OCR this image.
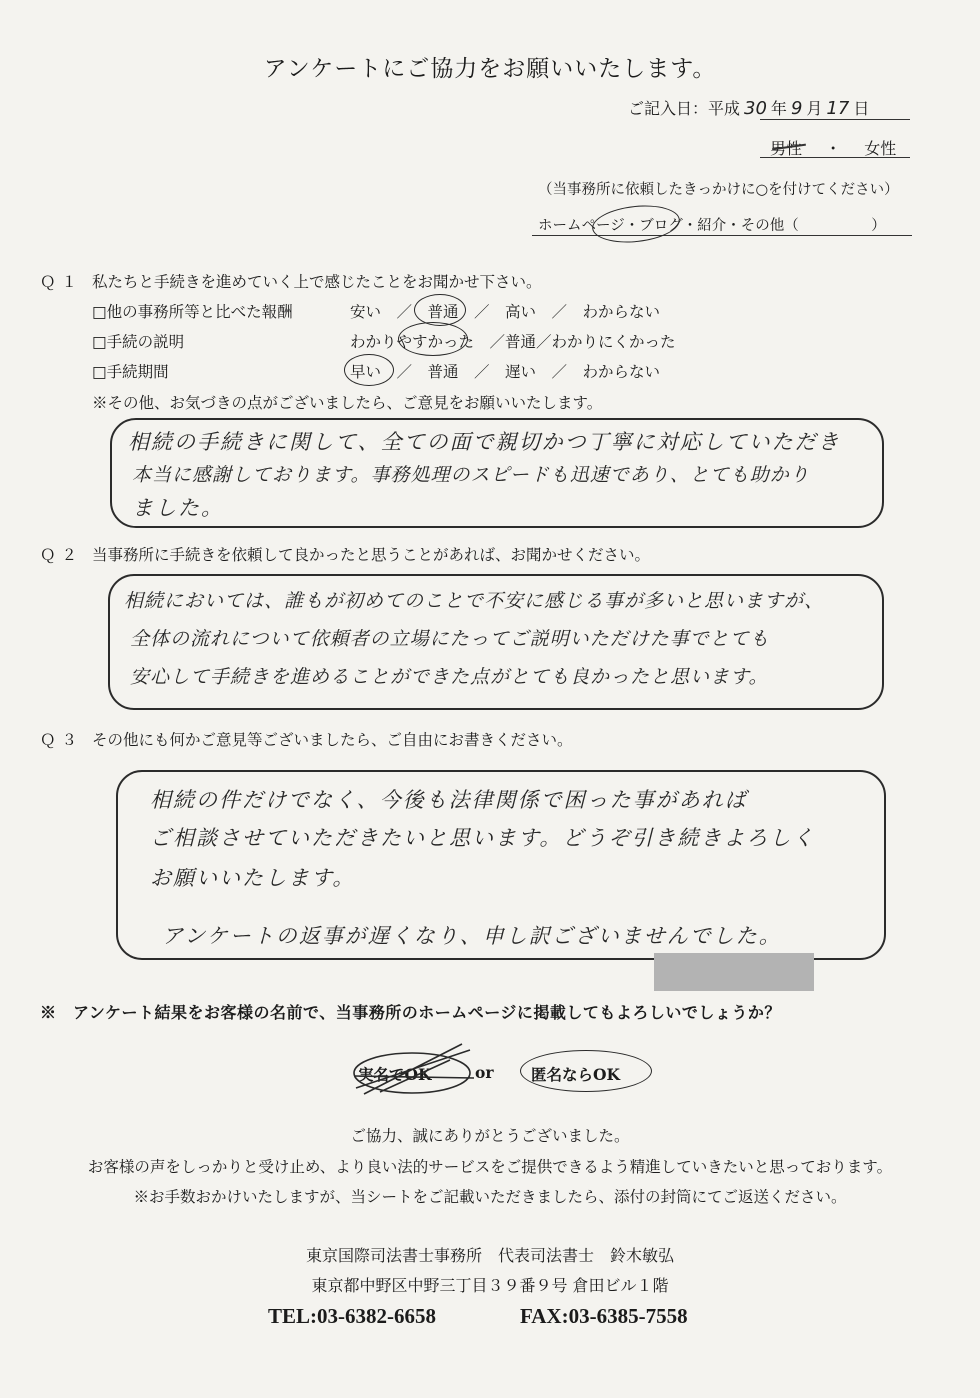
アンケートにご協力をお願いいたします。
ご記入日：平成 30 年 9 月 17 日
男性 ・ 女性
（当事務所に依頼したきっかけに○を付けてください）
ホームページ・ブログ・紹介・その他（　　　　　）
Ｑ１ 私たちと手続きを進めていく上で感じたことをお聞かせ下さい。
□他の事務所等と比べた報酬	安い　／　普通　／　高い　／　わからない
□手続の説明	わかりやすかった　／普通／わかりにくかった
□手続期間	早い　／　普通　／　遅い　／　わからない
※その他、お気づきの点がございましたら、ご意見をお願いいたします。
相続の手続きに関して、全ての面で親切かつ丁寧に対応していただき
本当に感謝しております。事務処理のスピードも迅速であり、とても助かり
ました。
Ｑ２ 当事務所に手続きを依頼して良かったと思うことがあれば、お聞かせください。
相続においては、誰もが初めてのことで不安に感じる事が多いと思いますが、
全体の流れについて依頼者の立場にたってご説明いただけた事でとても
安心して手続きを進めることができた点がとても良かったと思います。
Ｑ３ その他にも何かご意見等ございましたら、ご自由にお書きください。
相続の件だけでなく、今後も法律関係で困った事があれば
ご相談させていただきたいと思います。どうぞ引き続きよろしく
お願いいたします。
アンケートの返事が遅くなり、申し訳ございませんでした。
※　アンケート結果をお客様の名前で、当事務所のホームページに掲載してもよろしいでしょうか？
実名でOK	or 匿名ならOK
ご協力、誠にありがとうございました。
お客様の声をしっかりと受け止め、より良い法的サービスをご提供できるよう精進していきたいと思っております。
※お手数おかけいたしますが、当シートをご記載いただきましたら、添付の封筒にてご返送ください。
東京国際司法書士事務所　代表司法書士　鈴木敏弘
東京都中野区中野三丁目３９番９号 倉田ビル１階
TEL:03-6382-6658	FAX:03-6385-7558
